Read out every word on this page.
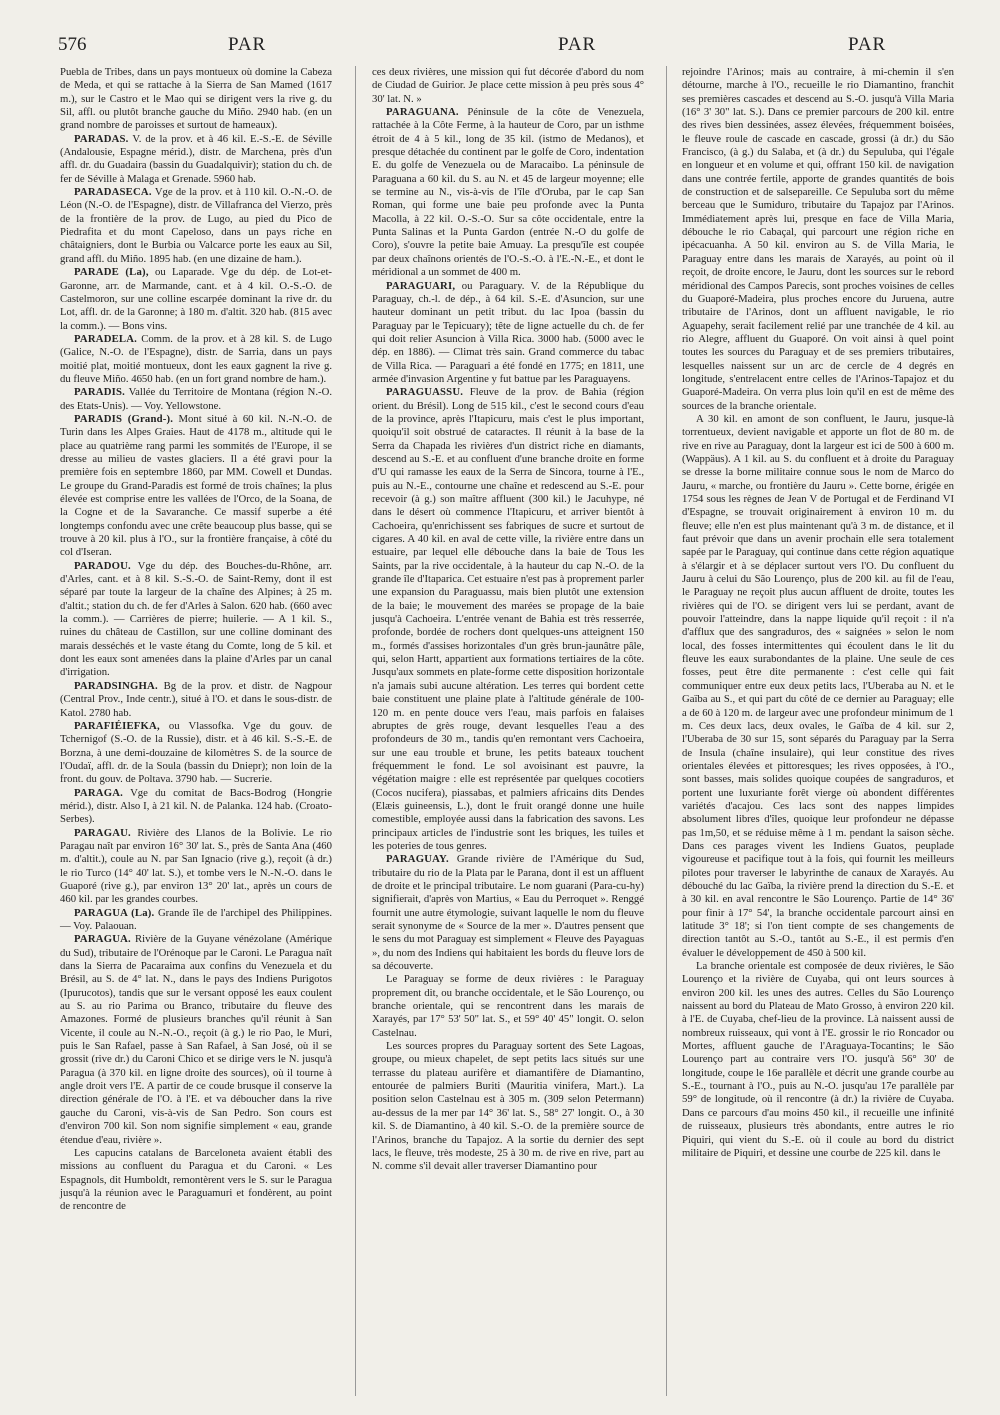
576	PAR	PAR	PAR

Puebla de Tribes, dans un pays montueux où domine la Cabeza de Meda, et qui se rattache à la Sierra de San Mamed (1617 m.), sur le Castro et le Mao qui se dirigent vers la rive g. du Sil, affl. ou plutôt branche gauche du Miño. 2940 hab. (en un grand nombre de paroisses et surtout de hameaux).

PARADAS. V. de la prov. et à 46 kil. E.-S.-E. de Séville (Andalousie, Espagne mérid.), distr. de Marchena, près d'un affl. dr. du Guadaira (bassin du Guadalquivir); station du ch. de fer de Séville à Malaga et Grenade. 5960 hab.

PARADASECA. Vge de la prov. et à 110 kil. O.-N.-O. de Léon (N.-O. de l'Espagne), distr. de Villafranca del Vierzo, près de la frontière de la prov. de Lugo, au pied du Pico de Piedrafita et du mont Capeloso, dans un pays riche en châtaigniers, dont le Burbia ou Valcarce porte les eaux au Sil, grand affl. du Miño. 1895 hab. (en une dizaine de ham.).

PARADE (La), ou Laparade. Vge du dép. de Lot-et-Garonne, arr. de Marmande, cant. et à 4 kil. O.-S.-O. de Castelmoron, sur une colline escarpée dominant la rive dr. du Lot, affl. dr. de la Garonne; à 180 m. d'altit. 320 hab. (815 avec la comm.). — Bons vins.

PARADELA. Comm. de la prov. et à 28 kil. S. de Lugo (Galice, N.-O. de l'Espagne), distr. de Sarria, dans un pays moitié plat, moitié montueux, dont les eaux gagnent la rive g. du fleuve Miño. 4650 hab. (en un fort grand nombre de ham.).

PARADIS. Vallée du Territoire de Montana (région N.-O. des Etats-Unis). — Voy. Yellowstone.

PARADIS (Grand-). Mont situé à 60 kil. N.-N.-O. de Turin dans les Alpes Graies. Haut de 4178 m., altitude qui le place au quatrième rang parmi les sommités de l'Europe, il se dresse au milieu de vastes glaciers. Il a été gravi pour la première fois en septembre 1860, par MM. Cowell et Dundas. Le groupe du Grand-Paradis est formé de trois chaînes; la plus élevée est comprise entre les vallées de l'Orco, de la Soana, de la Cogne et de la Savaranche. Ce massif superbe a été longtemps confondu avec une crête beaucoup plus basse, qui se trouve à 20 kil. plus à l'O., sur la frontière française, à côté du col d'Iseran.

PARADOU. Vge du dép. des Bouches-du-Rhône, arr. d'Arles, cant. et à 8 kil. S.-S.-O. de Saint-Remy, dont il est séparé par toute la largeur de la chaîne des Alpines; à 25 m. d'altit.; station du ch. de fer d'Arles à Salon. 620 hab. (660 avec la comm.). — Carrières de pierre; huilerie. — A 1 kil. S., ruines du château de Castillon, sur une colline dominant des marais desséchés et le vaste étang du Comte, long de 5 kil. et dont les eaux sont amenées dans la plaine d'Arles par un canal d'irrigation.

PARADSINGHA. Bg de la prov. et distr. de Nagpour (Central Prov., Inde centr.), situé à l'O. et dans le sous-distr. de Katol. 2780 hab.

PARAFIÉIEFKA, ou Vlassofka. Vge du gouv. de Tchernigof (S.-O. de la Russie), distr. et à 46 kil. S.-S.-E. de Borzna, à une demi-douzaine de kilomètres S. de la source de l'Oudaï, affl. dr. de la Soula (bassin du Dniepr); non loin de la front. du gouv. de Poltava. 3790 hab. — Sucrerie.

PARAGA. Vge du comitat de Bacs-Bodrog (Hongrie mérid.), distr. Also I, à 21 kil. N. de Palanka. 124 hab. (Croato-Serbes).

PARAGAU. Rivière des Llanos de la Bolivie. Le rio Paragau naît par environ 16° 30' lat. S., près de Santa Ana (460 m. d'altit.), coule au N. par San Ignacio (rive g.), reçoit (à dr.) le rio Turco (14° 40' lat. S.), et tombe vers le N.-N.-O. dans le Guaporé (rive g.), par environ 13° 20' lat., après un cours de 460 kil. par les grandes courbes.

PARAGUA (La). Grande île de l'archipel des Philippines. — Voy. Palaouan.

PARAGUA. Rivière de la Guyane vénézolane (Amérique du Sud), tributaire de l'Orénoque par le Caroni. Le Paragua naît dans la Sierra de Pacaraima aux confins du Venezuela et du Brésil, au S. de 4° lat. N., dans le pays des Indiens Purigotos (Ipurucotos), tandis que sur le versant opposé les eaux coulent au S. au rio Parima ou Branco, tributaire du fleuve des Amazones. Formé de plusieurs branches qu'il réunit à San Vicente, il coule au N.-N.-O., reçoit (à g.) le rio Pao, le Muri, puis le San Rafael, passe à San Rafael, à San José, où il se grossit (rive dr.) du Caroni Chico et se dirige vers le N. jusqu'à Paragua (à 370 kil. en ligne droite des sources), où il tourne à angle droit vers l'E. A partir de ce coude brusque il conserve la direction générale de l'O. à l'E. et va déboucher dans la rive gauche du Caroni, vis-à-vis de San Pedro. Son cours est d'environ 700 kil. Son nom signifie simplement « eau, grande étendue d'eau, rivière ».

Les capucins catalans de Barceloneta avaient établi des missions au confluent du Paragua et du Caroni. « Les Espagnols, dit Humboldt, remontèrent vers le S. sur le Paragua jusqu'à la réunion avec le Paraguamuri et fondèrent, au point de rencontre de

ces deux rivières, une mission qui fut décorée d'abord du nom de Ciudad de Guirior. Je place cette mission à peu près sous 4° 30' lat. N. »

PARAGUANA. Péninsule de la côte de Venezuela, rattachée à la Côte Ferme, à la hauteur de Coro, par un isthme étroit de 4 à 5 kil., long de 35 kil. (istmo de Medanos), et presque détachée du continent par le golfe de Coro, indentation E. du golfe de Venezuela ou de Maracaibo. La péninsule de Paraguana a 60 kil. du S. au N. et 45 de largeur moyenne; elle se termine au N., vis-à-vis de l'île d'Oruba, par le cap San Roman, qui forme une baie peu profonde avec la Punta Macolla, à 22 kil. O.-S.-O. Sur sa côte occidentale, entre la Punta Salinas et la Punta Gardon (entrée N.-O du golfe de Coro), s'ouvre la petite baie Amuay. La presqu'île est coupée par deux chaînons orientés de l'O.-S.-O. à l'E.-N.-E., et dont le méridional a un sommet de 400 m.

PARAGUARI, ou Paraguary. V. de la République du Paraguay, ch.-l. de dép., à 64 kil. S.-E. d'Asuncion, sur une hauteur dominant un petit tribut. du lac Ipoa (bassin du Paraguay par le Tepicuary); tête de ligne actuelle du ch. de fer qui doit relier Asuncion à Villa Rica. 3000 hab. (5000 avec le dép. en 1886). — Climat très sain. Grand commerce du tabac de Villa Rica. — Paraguari a été fondé en 1775; en 1811, une armée d'invasion Argentine y fut battue par les Paraguayens.

PARAGUASSU. Fleuve de la prov. de Bahia (région orient. du Brésil). Long de 515 kil., c'est le second cours d'eau de la province, après l'Itapicuru, mais c'est le plus important, quoiqu'il soit obstrué de cataractes. Il réunit à la base de la Serra da Chapada les rivières d'un district riche en diamants, descend au S.-E. et au confluent d'une branche droite en forme d'U qui ramasse les eaux de la Serra de Sincora, tourne à l'E., puis au N.-E., contourne une chaîne et redescend au S.-E. pour recevoir (à g.) son maître affluent (300 kil.) le Jacuhype, né dans le désert où commence l'Itapicuru, et arriver bientôt à Cachoeira, qu'enrichissent ses fabriques de sucre et surtout de cigares. A 40 kil. en aval de cette ville, la rivière entre dans un estuaire, par lequel elle débouche dans la baie de Tous les Saints, par la rive occidentale, à la hauteur du cap N.-O. de la grande île d'Itaparica. Cet estuaire n'est pas à proprement parler une expansion du Paraguassu, mais bien plutôt une extension de la baie; le mouvement des marées se propage de la baie jusqu'à Cachoeira. L'entrée venant de Bahia est très resserrée, profonde, bordée de rochers dont quelques-uns atteignent 150 m., formés d'assises horizontales d'un grès brun-jaunâtre pâle, qui, selon Hartt, appartient aux formations tertiaires de la côte. Jusqu'aux sommets en plate-forme cette disposition horizontale n'a jamais subi aucune altération. Les terres qui bordent cette baie constituent une plaine plate à l'altitude générale de 100-120 m. en pente douce vers l'eau, mais parfois en falaises abruptes de grès rouge, devant lesquelles l'eau a des profondeurs de 30 m., tandis qu'en remontant vers Cachoeira, sur une eau trouble et brune, les petits bateaux touchent fréquemment le fond. Le sol avoisinant est pauvre, la végétation maigre : elle est représentée par quelques cocotiers (Cocos nucifera), piassabas, et palmiers africains dits Dendes (Elæis guineensis, L.), dont le fruit orangé donne une huile comestible, employée aussi dans la fabrication des savons. Les principaux articles de l'industrie sont les briques, les tuiles et les poteries de tous genres.

PARAGUAY. Grande rivière de l'Amérique du Sud, tributaire du rio de la Plata par le Parana, dont il est un affluent de droite et le principal tributaire. Le nom guarani (Para-cu-hy) signifierait, d'après von Martius, « Eau du Perroquet ». Renggé fournit une autre étymologie, suivant laquelle le nom du fleuve serait synonyme de « Source de la mer ». D'autres pensent que le sens du mot Paraguay est simplement « Fleuve des Payaguas », du nom des Indiens qui habitaient les bords du fleuve lors de sa découverte.

Le Paraguay se forme de deux rivières : le Paraguay proprement dit, ou branche occidentale, et le São Lourenço, ou branche orientale, qui se rencontrent dans les marais de Xarayés, par 17° 53' 50" lat. S., et 59° 40' 45" longit. O. selon Castelnau.

Les sources propres du Paraguay sortent des Sete Lagoas, groupe, ou mieux chapelet, de sept petits lacs situés sur une terrasse du plateau aurifère et diamantifère de Diamantino, entourée de palmiers Buriti (Mauritia vinifera, Mart.). La position selon Castelnau est à 305 m. (309 selon Petermann) au-dessus de la mer par 14° 36' lat. S., 58° 27' longit. O., à 30 kil. S. de Diamantino, à 40 kil. S.-O. de la première source de l'Arinos, branche du Tapajoz. A la sortie du dernier des sept lacs, le fleuve, très modeste, 25 à 30 m. de rive en rive, part au N. comme s'il devait aller traverser Diamantino pour

rejoindre l'Arinos; mais au contraire, à mi-chemin il s'en détourne, marche à l'O., recueille le rio Diamantino, franchit ses premières cascades et descend au S.-O. jusqu'à Villa Maria (16° 3' 30" lat. S.). Dans ce premier parcours de 200 kil. entre des rives bien dessinées, assez élevées, fréquemment boisées, le fleuve roule de cascade en cascade, grossi (à dr.) du São Francisco, (à g.) du Salaba, et (à dr.) du Sepuluba, qui l'égale en longueur et en volume et qui, offrant 150 kil. de navigation dans une contrée fertile, apporte de grandes quantités de bois de construction et de salsepareille. Ce Sepuluba sort du même berceau que le Sumiduro, tributaire du Tapajoz par l'Arinos. Immédiatement après lui, presque en face de Villa Maria, débouche le rio Cabaçal, qui parcourt une région riche en ipécacuanha. A 50 kil. environ au S. de Villa Maria, le Paraguay entre dans les marais de Xarayés, au point où il reçoit, de droite encore, le Jauru, dont les sources sur le rebord méridional des Campos Parecis, sont proches voisines de celles du Guaporé-Madeira, plus proches encore du Juruena, autre tributaire de l'Arinos, dont un affluent navigable, le rio Aguapehy, serait facilement relié par une tranchée de 4 kil. au rio Alegre, affluent du Guaporé. On voit ainsi à quel point toutes les sources du Paraguay et de ses premiers tributaires, lesquelles naissent sur un arc de cercle de 4 degrés en longitude, s'entrelacent entre celles de l'Arinos-Tapajoz et du Guaporé-Madeira. On verra plus loin qu'il en est de même des sources de la branche orientale.

A 30 kil. en amont de son confluent, le Jauru, jusque-là torrentueux, devient navigable et apporte un flot de 80 m. de rive en rive au Paraguay, dont la largeur est ici de 500 à 600 m. (Wappäus). A 1 kil. au S. du confluent et à droite du Paraguay se dresse la borne militaire connue sous le nom de Marco do Jauru, « marche, ou frontière du Jauru ». Cette borne, érigée en 1754 sous les règnes de Jean V de Portugal et de Ferdinand VI d'Espagne, se trouvait originairement à environ 10 m. du fleuve; elle n'en est plus maintenant qu'à 3 m. de distance, et il faut prévoir que dans un avenir prochain elle sera totalement sapée par le Paraguay, qui continue dans cette région aquatique à s'élargir et à se déplacer surtout vers l'O. Du confluent du Jauru à celui du São Lourenço, plus de 200 kil. au fil de l'eau, le Paraguay ne reçoit plus aucun affluent de droite, toutes les rivières qui de l'O. se dirigent vers lui se perdant, avant de pouvoir l'atteindre, dans la nappe liquide qu'il reçoit : il n'a d'afflux que des sangraduros, des « saignées » selon le nom local, des fosses intermittentes qui écoulent dans le lit du fleuve les eaux surabondantes de la plaine. Une seule de ces fosses, peut être dite permanente : c'est celle qui fait communiquer entre eux deux petits lacs, l'Uberaba au N. et le Gaïba au S., et qui part du côté de ce dernier au Paraguay; elle a de 60 à 120 m. de largeur avec une profondeur minimum de 1 m. Ces deux lacs, deux ovales, le Gaïba de 4 kil. sur 2, l'Uberaba de 30 sur 15, sont séparés du Paraguay par la Serra de Insula (chaîne insulaire), qui leur constitue des rives orientales élevées et pittoresques; les rives opposées, à l'O., sont basses, mais solides quoique coupées de sangraduros, et portent une luxuriante forêt vierge où abondent différentes variétés d'acajou. Ces lacs sont des nappes limpides absolument libres d'îles, quoique leur profondeur ne dépasse pas 1m,50, et se réduise même à 1 m. pendant la saison sèche. Dans ces parages vivent les Indiens Guatos, peuplade vigoureuse et pacifique tout à la fois, qui fournit les meilleurs pilotes pour traverser le labyrinthe de canaux de Xarayés. Au débouché du lac Gaïba, la rivière prend la direction du S.-E. et à 30 kil. en aval rencontre le São Lourenço. Partie de 14° 36' pour finir à 17° 54', la branche occidentale parcourt ainsi en latitude 3° 18'; si l'on tient compte de ses changements de direction tantôt au S.-O., tantôt au S.-E., il est permis d'en évaluer le développement de 450 à 500 kil.

La branche orientale est composée de deux rivières, le São Lourenço et la rivière de Cuyaba, qui ont leurs sources à environ 200 kil. les unes des autres. Celles du São Lourenço naissent au bord du Plateau de Mato Grosso, à environ 220 kil. à l'E. de Cuyaba, chef-lieu de la province. Là naissent aussi de nombreux ruisseaux, qui vont à l'E. grossir le rio Roncador ou Mortes, affluent gauche de l'Araguaya-Tocantins; le São Lourenço part au contraire vers l'O. jusqu'à 56° 30' de longitude, coupe le 16e parallèle et décrit une grande courbe au S.-E., tournant à l'O., puis au N.-O. jusqu'au 17e parallèle par 59° de longitude, où il rencontre (à dr.) la rivière de Cuyaba. Dans ce parcours d'au moins 450 kil., il recueille une infinité de ruisseaux, plusieurs très abondants, entre autres le rio Piquiri, qui vient du S.-E. où il coule au bord du district militaire de Piquiri, et dessine une courbe de 225 kil. dans le
